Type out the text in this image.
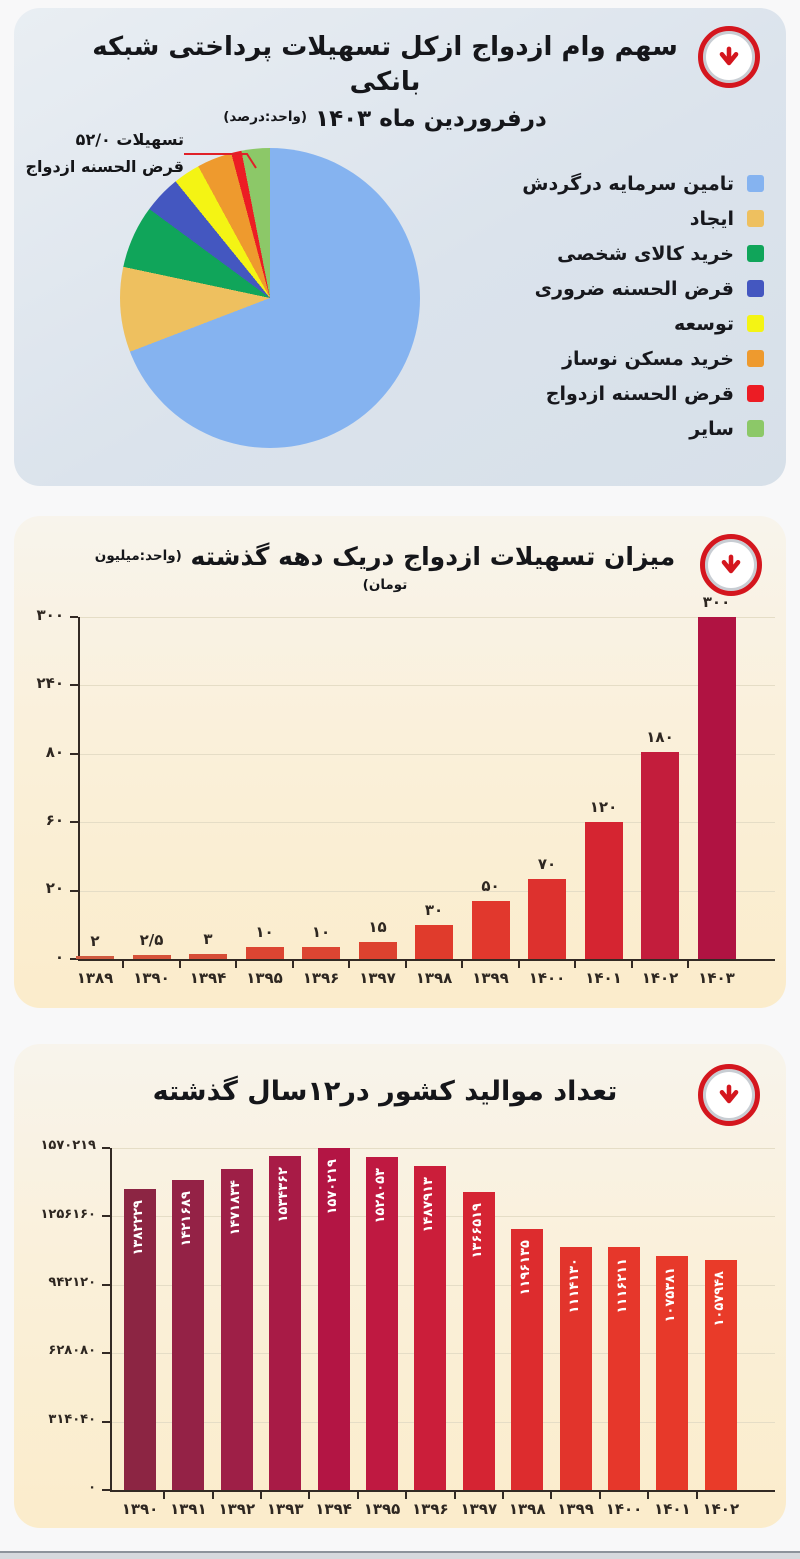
سهم وام ازدواج ازکل تسهیلات پرداختی شبکه بانکی
درفروردین ماه ۱۴۰۳ $^{(واحد:درصد)}$
تسهیلات ۵۲/۰
قرض الحسنه ازدواج
تامین سرمایه درگردش
ایجاد
خرید کالای شخصی
قرض الحسنه ضروری
توسعه
خرید مسکن نوساز
قرض الحسنه ازدواج
سایر
میزان تسهیلات ازدواج دریک دهه گذشته $^{(واحد:میلیون تومان)}$
۳۰۰
۲۴۰
۸۰
۶۰
۲۰
۰
۲
۱۳۸۹
۲/۵
۱۳۹۰
۳
۱۳۹۴
۱۰
۱۳۹۵
۱۰
۱۳۹۶
۱۵
۱۳۹۷
۳۰
۱۳۹۸
۵۰
۱۳۹۹
۷۰
۱۴۰۰
۱۲۰
۱۴۰۱
۱۸۰
۱۴۰۲
۳۰۰
۱۴۰۳
تعداد موالید کشور در۱۲سال گذشته
۱۵۷۰۲۱۹
۱۲۵۶۱۶۰
۹۴۲۱۲۰
۶۲۸۰۸۰
۳۱۴۰۴۰
۰
۱۳۸۲۲۲۹
۱۳۹۰
۱۴۲۱۶۸۹
۱۳۹۱
۱۴۷۱۸۳۴
۱۳۹۲
۱۵۳۴۳۶۲
۱۳۹۳
۱۵۷۰۲۱۹
۱۳۹۴
۱۵۲۸۰۵۳
۱۳۹۵
۱۴۸۷۹۱۳
۱۳۹۶
۱۳۶۶۵۱۹
۱۳۹۷
۱۱۹۶۱۳۵
۱۳۹۸
۱۱۱۴۱۳۰
۱۳۹۹
۱۱۱۶۲۱۱
۱۴۰۰
۱۰۷۵۳۸۱
۱۴۰۱
۱۰۵۷۹۴۸
۱۴۰۲
